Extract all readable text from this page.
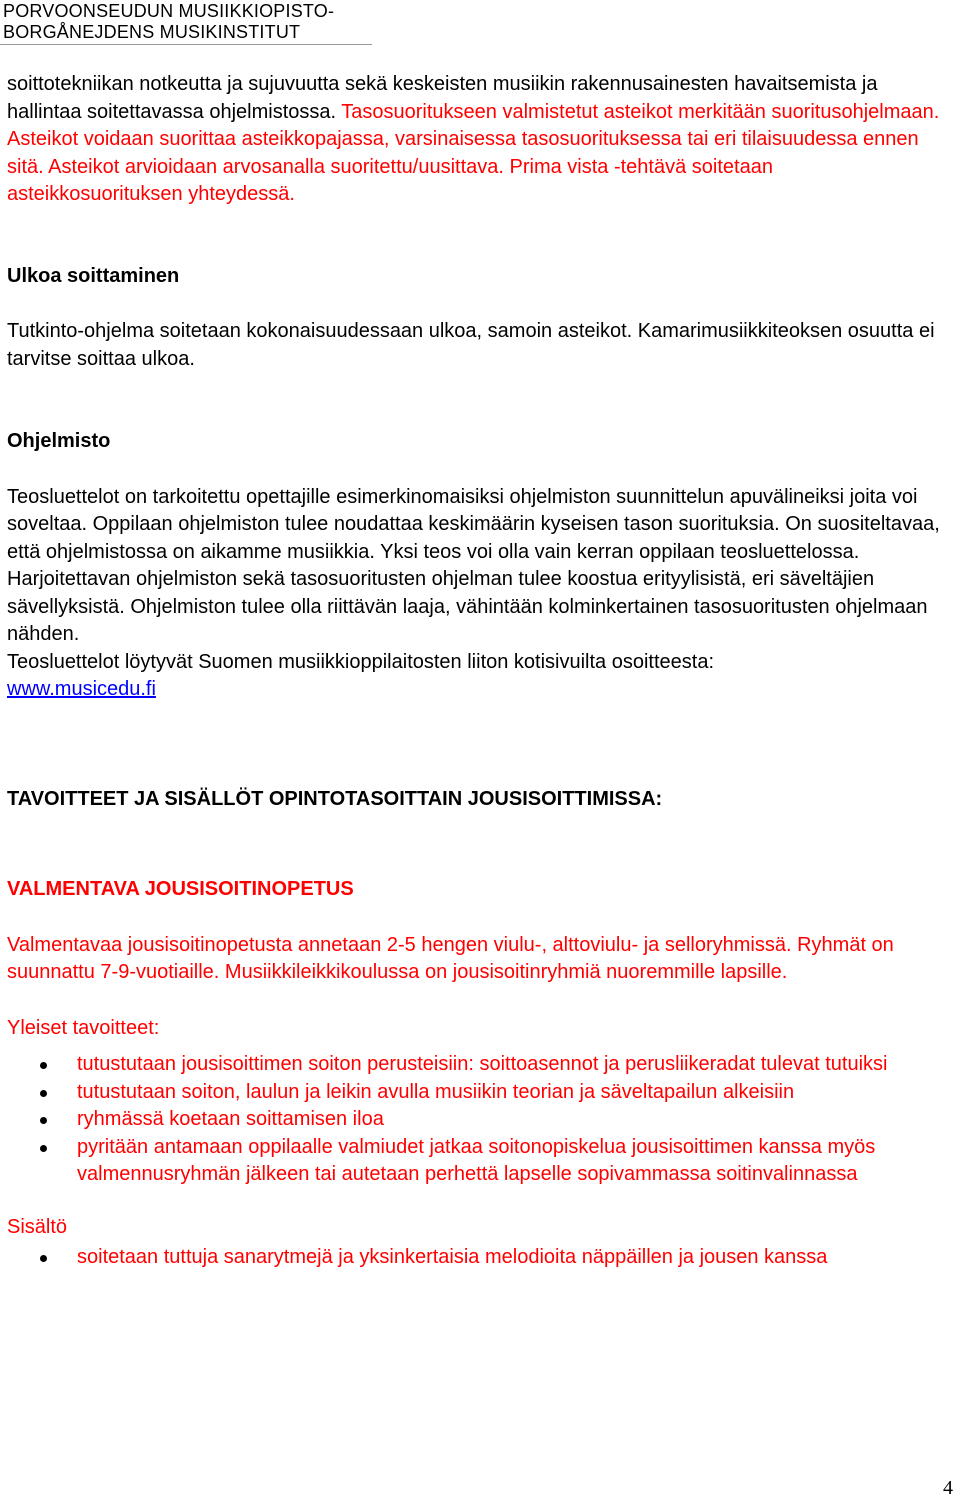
PORVOONSEUDUN MUSIIKKIOPISTO-
BORGÅNEJDENS MUSIKINSTITUT

soittotekniikan notkeutta ja sujuvuutta sekä keskeisten musiikin rakennusainesten havaitsemista ja hallintaa soitettavassa ohjelmistossa. Tasosuoritukseen valmistetut asteikot merkitään suoritusohjelmaan. Asteikot voidaan suorittaa asteikkopajassa, varsinaisessa tasosuorituksessa tai eri tilaisuudessa ennen sitä. Asteikot arvioidaan arvosanalla suoritettu/uusittava. Prima vista -tehtävä soitetaan asteikkosuorituksen yhteydessä.

Ulkoa soittaminen

Tutkinto-ohjelma soitetaan kokonaisuudessaan ulkoa, samoin asteikot. Kamarimusiikkiteoksen osuutta ei tarvitse soittaa ulkoa.

Ohjelmisto

Teosluettelot on tarkoitettu opettajille esimerkinomaisiksi ohjelmiston suunnittelun apuvälineiksi joita voi soveltaa. Oppilaan ohjelmiston tulee noudattaa keskimäärin kyseisen tason suorituksia. On suositeltavaa, että ohjelmistossa on aikamme musiikkia. Yksi teos voi olla vain kerran oppilaan teosluettelossa.

Harjoitettavan ohjelmiston sekä tasosuoritusten ohjelman tulee koostua erityylisistä, eri säveltäjien sävellyksistä. Ohjelmiston tulee olla riittävän laaja, vähintään kolminkertainen tasosuoritusten ohjelmaan nähden.

Teosluettelot löytyvät Suomen musiikkioppilaitosten liiton kotisivuilta osoitteesta:

www.musicedu.fi

TAVOITTEET JA SISÄLLÖT OPINTOTASOITTAIN JOUSISOITTIMISSA:

VALMENTAVA JOUSISOITINOPETUS

Valmentavaa jousisoitinopetusta annetaan 2-5 hengen viulu-, alttoviulu- ja selloryhmissä. Ryhmät on suunnattu 7-9-vuotiaille. Musiikkileikkikoulussa on jousisoitinryhmiä nuoremmille lapsille.

Yleiset tavoitteet:

tutustutaan jousisoittimen soiton perusteisiin: soittoasennot ja perusliikeradat tulevat tutuiksi
tutustutaan soiton, laulun ja leikin avulla musiikin teorian ja säveltapailun alkeisiin
ryhmässä koetaan soittamisen iloa
pyritään antamaan oppilaalle valmiudet jatkaa soitonopiskelua jousisoittimen kanssa myös valmennusryhmän jälkeen tai autetaan perhettä lapselle sopivammassa soitinvalinnassa

Sisältö

soitetaan tuttuja sanarytmejä ja yksinkertaisia melodioita näppäillen ja jousen kanssa
4
